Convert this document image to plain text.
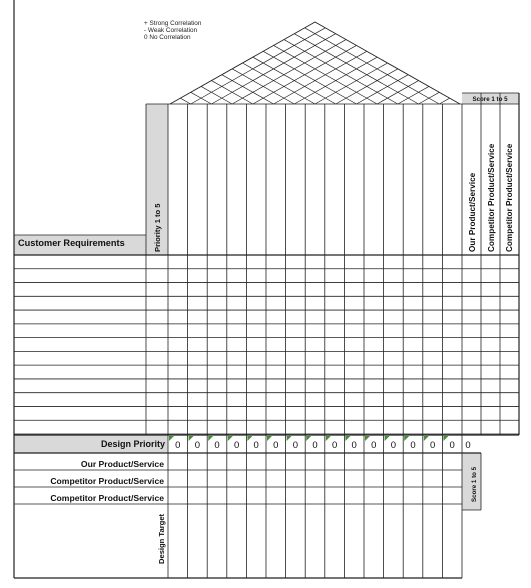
+ Strong Correlation
- Weak Correlation
0 No Correlation
Customer Requirements	Priority 1 to 5
Score 1 to 5
Our Product/Service Competitor Product/Service Competitor Product/Service
Design Priority 0 0 0 0 0 0 0 0 0 0 0 0 0 0 0 0
Our Product/Service
Competitor Product/Service
Competitor Product/Service	Score 1 to 5
Design Target
